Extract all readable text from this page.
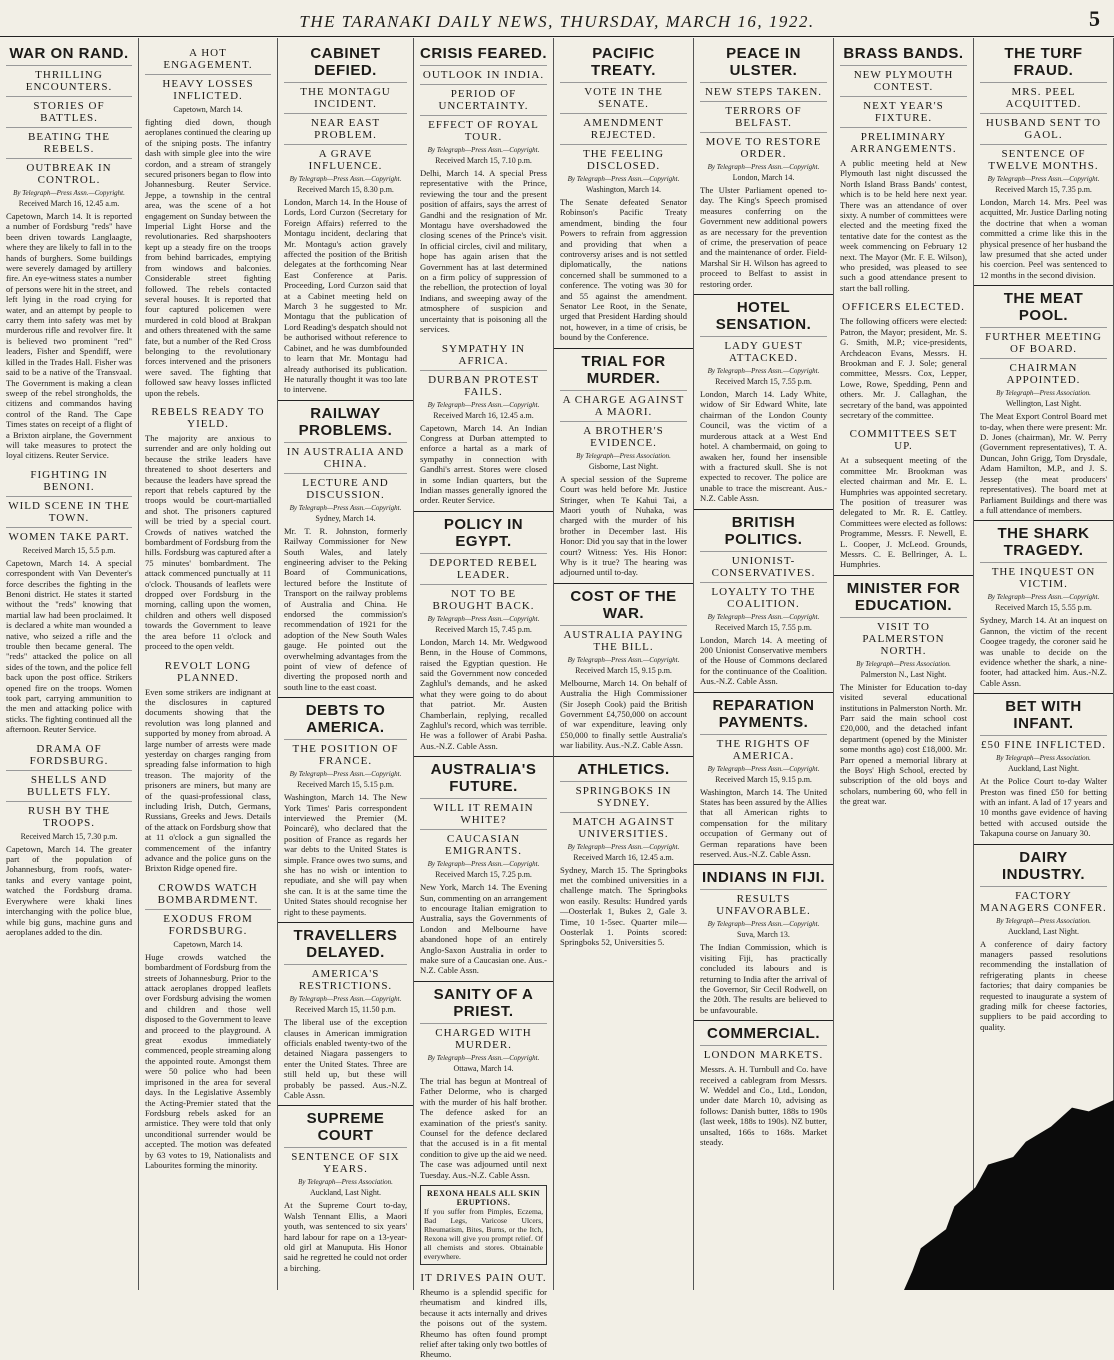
THE TARANAKI DAILY NEWS, THURSDAY, MARCH 16, 1922.	5
WAR ON RAND.
THRILLING ENCOUNTERS.
STORIES OF BATTLES.
BEATING THE REBELS.
OUTBREAK IN CONTROL.
By Telegraph—Press Assn.—Copyright.
Received March 16, 12.45 a.m.

Capetown, March 14. It is reported a number of Fordsburg "reds" have been driven towards Langlaagte, where they are likely to fall in to the hands of burghers. Some buildings were severely damaged by artillery fire. An eye-witness states a number of persons were hit in the street, and left lying in the road crying for water, and an attempt by people to carry them into safety was met by murderous rifle and revolver fire. It is believed two prominent "red" leaders, Fisher and Spendiff, were killed in the Trades Hall. Fisher was said to be a native of the Transvaal. The Government is making a clean sweep of the rebel strongholds, the citizens and commandos having control of the Rand. The Cape Times states on receipt of a flight of a Brixton airplane, the Government will take measures to protect the loyal citizens. Reuter Service.

FIGHTING IN BENONI.
WILD SCENE IN THE TOWN.
WOMEN TAKE PART.
Received March 15, 5.5 p.m.

Capetown, March 14. A special correspondent with Van Deventer's force describes the fighting in the Benoni district. He states it started without the "reds" knowing that martial law had been proclaimed. It is declared a white man wounded a native, who seized a rifle and the trouble then became general. The "reds" attacked the police on all sides of the town, and the police fell back upon the post office. Strikers opened fire on the troops. Women took part, carrying ammunition to the men and attacking police with sticks. The fighting continued all the afternoon. Reuter Service.

DRAMA OF FORDSBURG.
SHELLS AND BULLETS FLY.
RUSH BY THE TROOPS.
Received March 15, 7.30 p.m.

Capetown, March 14. The greater part of the population of Johannesburg, from roofs, water-tanks and every vantage point, watched the Fordsburg drama. Everywhere were khaki lines interchanging with the police blue, while big guns, machine guns and aeroplanes added to the din.

A HOT ENGAGEMENT.
HEAVY LOSSES INFLICTED.
Capetown, March 14.

fighting died down, though aeroplanes continued the clearing up of the sniping posts. The infantry dash with simple glee into the wire cordon, and a stream of strangely secured prisoners began to flow into Johannesburg. Reuter Service. Jeppe, a township in the central area, was the scene of a hot engagement on Sunday between the Imperial Light Horse and the revolutionaries. Red sharpshooters kept up a steady fire on the troops from behind barricades, emptying from windows and balconies. Considerable street fighting followed. The rebels contacted several houses. It is reported that four captured policemen were murdered in cold blood at Brakpan and others threatened with the same fate, but a number of the Red Cross belonging to the revolutionary forces intervened and the prisoners were saved. The fighting that followed saw heavy losses inflicted upon the rebels.

REBELS READY TO YIELD.

The majority are anxious to surrender and are only holding out because the strike leaders have threatened to shoot deserters and because the leaders have spread the report that rebels captured by the troops would be court-martialled and shot. The prisoners captured will be tried by a special court. Crowds of natives watched the bombardment of Fordsburg from the hills. Fordsburg was captured after a 75 minutes' bombardment. The attack commenced punctually at 11 o'clock. Thousands of leaflets were dropped over Fordsburg in the morning, calling upon the women, children and others well disposed towards the Government to leave the area before 11 o'clock and proceed to the open veldt.

REVOLT LONG PLANNED.

Even some strikers are indignant at the disclosures in captured documents showing that the revolution was long planned and supported by money from abroad. A large number of arrests were made yesterday on charges ranging from spreading false information to high treason. The majority of the prisoners are miners, but many are of the quasi-professional class, including Irish, Dutch, Germans, Russians, Greeks and Jews. Details of the attack on Fordsburg show that at 11 o'clock a gun signalled the commencement of the infantry advance and the police guns on the Brixton Ridge opened fire.

CROWDS WATCH BOMBARDMENT.
EXODUS FROM FORDSBURG.
Capetown, March 14.

Huge crowds watched the bombardment of Fordsburg from the streets of Johannesburg. Prior to the attack aeroplanes dropped leaflets over Fordsburg advising the women and children and those well disposed to the Government to leave and proceed to the playground. A great exodus immediately commenced, people streaming along the appointed route. Amongst them were 50 police who had been imprisoned in the area for several days. In the Legislative Assembly the Acting-Premier stated that the Fordsburg rebels asked for an armistice. They were told that only unconditional surrender would be accepted. The motion was defeated by 63 votes to 19, Nationalists and Labourites forming the minority.

CABINET DEFIED.
THE MONTAGU INCIDENT.
NEAR EAST PROBLEM.
A GRAVE INFLUENCE.
By Telegraph—Press Assn.—Copyright.
Received March 15, 8.30 p.m.

London, March 14. In the House of Lords, Lord Curzon (Secretary for Foreign Affairs) referred to the Montagu incident, declaring that Mr. Montagu's action gravely affected the position of the British delegates at the forthcoming Near East Conference at Paris. Proceeding, Lord Curzon said that at a Cabinet meeting held on March 3 he suggested to Mr. Montagu that the publication of Lord Reading's despatch should not be authorised without reference to Cabinet, and he was dumbfounded to learn that Mr. Montagu had already authorised its publication. He naturally thought it was too late to intervene.

RAILWAY PROBLEMS.
IN AUSTRALIA AND CHINA.
LECTURE AND DISCUSSION.
By Telegraph—Press Assn.—Copyright.
Sydney, March 14.

Mr. T. R. Johnston, formerly Railway Commissioner for New South Wales, and lately engineering adviser to the Peking Board of Communications, lectured before the Institute of Transport on the railway problems of Australia and China. He endorsed the commission's recommendation of 1921 for the adoption of the New South Wales gauge. He pointed out the overwhelming advantages from the point of view of defence of diverting the proposed north and south line to the east coast.

DEBTS TO AMERICA.
THE POSITION OF FRANCE.
By Telegraph—Press Assn.—Copyright.
Received March 15, 5.15 p.m.

Washington, March 14. The New York Times' Paris correspondent interviewed the Premier (M. Poincaré), who declared that the position of France as regards her war debts to the United States is simple. France owes two sums, and she has no wish or intention to repudiate, and she will pay when she can. It is at the same time the United States should recognise her right to these payments.

TRAVELLERS DELAYED.
AMERICA'S RESTRICTIONS.
By Telegraph—Press Assn.—Copyright.
Received March 15, 11.50 p.m.

The liberal use of the exception clauses in American immigration officials enabled twenty-two of the detained Niagara passengers to enter the United States. Three are still held up, but these will probably be passed. Aus.-N.Z. Cable Assn.

SUPREME COURT
SENTENCE OF SIX YEARS.
By Telegraph—Press Association.
Auckland, Last Night.

At the Supreme Court to-day, Walsh Tennant Ellis, a Maori youth, was sentenced to six years' hard labour for rape on a 13-year-old girl at Manuputa. His Honor said he regretted he could not order a birching.

CRISIS FEARED.
OUTLOOK IN INDIA.
PERIOD OF UNCERTAINTY.
EFFECT OF ROYAL TOUR.
By Telegraph—Press Assn.—Copyright.
Received March 15, 7.10 p.m.

Delhi, March 14. A special Press representative with the Prince, reviewing the tour and the present position of affairs, says the arrest of Gandhi and the resignation of Mr. Montagu have overshadowed the closing scenes of the Prince's visit. In official circles, civil and military, hope has again arisen that the Government has at last determined on a firm policy of suppression of the rebellion, the protection of loyal Indians, and sweeping away of the atmosphere of suspicion and uncertainty that is poisoning all the services.

SYMPATHY IN AFRICA.
DURBAN PROTEST FAILS.
By Telegraph—Press Assn.—Copyright.
Received March 16, 12.45 a.m.

Capetown, March 14. An Indian Congress at Durban attempted to enforce a hartal as a mark of sympathy in connection with Gandhi's arrest. Stores were closed in some Indian quarters, but the Indian masses generally ignored the order. Reuter Service.

POLICY IN EGYPT.
DEPORTED REBEL LEADER.
NOT TO BE BROUGHT BACK.
By Telegraph—Press Assn.—Copyright.
Received March 15, 7.45 p.m.

London, March 14. Mr. Wedgwood Benn, in the House of Commons, raised the Egyptian question. He said the Government now conceded Zaghlul's demands, and he asked what they were going to do about that patriot. Mr. Austen Chamberlain, replying, recalled Zaghlul's record, which was terrible. He was a follower of Arabi Pasha. Aus.-N.Z. Cable Assn.

AUSTRALIA'S FUTURE.
WILL IT REMAIN WHITE?
CAUCASIAN EMIGRANTS.
By Telegraph—Press Assn.—Copyright.
Received March 15, 7.25 p.m.

New York, March 14. The Evening Sun, commenting on an arrangement to encourage Italian emigration to Australia, says the Governments of London and Melbourne have abandoned hope of an entirely Anglo-Saxon Australia in order to make sure of a Caucasian one. Aus.-N.Z. Cable Assn.

SANITY OF A PRIEST.
CHARGED WITH MURDER.
By Telegraph—Press Assn.—Copyright.
Ottawa, March 14.

The trial has begun at Montreal of Father Delorme, who is charged with the murder of his half brother. The defence asked for an examination of the priest's sanity. Counsel for the defence declared that the accused is in a fit mental condition to give up the aid we need. The case was adjourned until next Tuesday. Aus.-N.Z. Cable Assn.

REXONA HEALS ALL SKIN ERUPTIONS.
If you suffer from Pimples, Eczema, Bad Legs, Varicose Ulcers, Rheumatism, Bites, Burns, or the Itch, Rexona will give you prompt relief. Of all chemists and stores. Obtainable everywhere.
IT DRIVES PAIN OUT.

Rheumo is a splendid specific for rheumatism and kindred ills, because it acts internally and drives the poisons out of the system. Rheumo has often found prompt relief after taking only two bottles of Rheumo.

PACIFIC TREATY.
VOTE IN THE SENATE.
AMENDMENT REJECTED.
THE FEELING DISCLOSED.
By Telegraph—Press Assn.—Copyright.
Washington, March 14.

The Senate defeated Senator Robinson's Pacific Treaty amendment, binding the four Powers to refrain from aggression and providing that when a controversy arises and is not settled diplomatically, the nations concerned shall be summoned to a conference. The voting was 30 for and 55 against the amendment. Senator Lee Root, in the Senate, urged that President Harding should not, however, in a time of crisis, be bound by the Conference.

TRIAL FOR MURDER.
A CHARGE AGAINST A MAORI.
A BROTHER'S EVIDENCE.
By Telegraph—Press Association.
Gisborne, Last Night.

A special session of the Supreme Court was held before Mr. Justice Stringer, when Te Kahui Tai, a Maori youth of Nuhaka, was charged with the murder of his brother in December last. His Honor: Did you say that in the lower court? Witness: Yes. His Honor: Why is it true? The hearing was adjourned until to-day.

COST OF THE WAR.
AUSTRALIA PAYING THE BILL.
By Telegraph—Press Assn.—Copyright.
Received March 15, 9.15 p.m.

Melbourne, March 14. On behalf of Australia the High Commissioner (Sir Joseph Cook) paid the British Government £4,750,000 on account of war expenditure, leaving only £50,000 to finally settle Australia's war liability. Aus.-N.Z. Cable Assn.

ATHLETICS.
SPRINGBOKS IN SYDNEY.
MATCH AGAINST UNIVERSITIES.
By Telegraph—Press Assn.—Copyright.
Received March 16, 12.45 a.m.

Sydney, March 15. The Springboks met the combined universities in a challenge match. The Springboks won easily. Results: Hundred yards—Oosterlak 1, Bukes 2, Gale 3. Time, 10 1-5sec. Quarter mile—Oosterlak 1. Points scored: Springboks 52, Universities 5.

PEACE IN ULSTER.
NEW STEPS TAKEN.
TERRORS OF BELFAST.
MOVE TO RESTORE ORDER.
By Telegraph—Press Assn.—Copyright.
London, March 14.

The Ulster Parliament opened to-day. The King's Speech promised measures conferring on the Government new additional powers as are necessary for the prevention of crime, the preservation of peace and the maintenance of order. Field-Marshal Sir H. Wilson has agreed to proceed to Belfast to assist in restoring order.

HOTEL SENSATION.
LADY GUEST ATTACKED.
By Telegraph—Press Assn.—Copyright.
Received March 15, 7.55 p.m.

London, March 14. Lady White, widow of Sir Edward White, late chairman of the London County Council, was the victim of a murderous attack at a West End hotel. A chambermaid, on going to awaken her, found her insensible with a fractured skull. She is not expected to recover. The police are unable to trace the miscreant. Aus.-N.Z. Cable Assn.

BRITISH POLITICS.
UNIONIST-CONSERVATIVES.
LOYALTY TO THE COALITION.
By Telegraph—Press Assn.—Copyright.
Received March 15, 7.55 p.m.

London, March 14. A meeting of 200 Unionist Conservative members of the House of Commons declared for the continuance of the Coalition. Aus.-N.Z. Cable Assn.

REPARATION PAYMENTS.
THE RIGHTS OF AMERICA.
By Telegraph—Press Assn.—Copyright.
Received March 15, 9.15 p.m.

Washington, March 14. The United States has been assured by the Allies that all American rights to compensation for the military occupation of Germany out of German reparations have been reserved. Aus.-N.Z. Cable Assn.

INDIANS IN FIJI.
RESULTS UNFAVORABLE.
By Telegraph—Press Assn.—Copyright.
Suva, March 13.

The Indian Commission, which is visiting Fiji, has practically concluded its labours and is returning to India after the arrival of the Governor, Sir Cecil Rodwell, on the 20th. The results are believed to be unfavourable.

COMMERCIAL.
LONDON MARKETS.

Messrs. A. H. Turnbull and Co. have received a cablegram from Messrs. W. Weddel and Co., Ltd., London, under date March 10, advising as follows: Danish butter, 188s to 190s (last week, 188s to 190s). NZ butter, unsalted, 166s to 168s. Market steady.

BRASS BANDS.
NEW PLYMOUTH CONTEST.
NEXT YEAR'S FIXTURE.
PRELIMINARY ARRANGEMENTS.

A public meeting held at New Plymouth last night discussed the North Island Brass Bands' contest, which is to be held here next year. There was an attendance of over sixty. A number of committees were elected and the meeting fixed the tentative date for the contest as the week commencing on February 12 next. The Mayor (Mr. F. E. Wilson), who presided, was pleased to see such a good attendance present to start the ball rolling.

OFFICERS ELECTED.

The following officers were elected: Patron, the Mayor; president, Mr. S. G. Smith, M.P.; vice-presidents, Archdeacon Evans, Messrs. H. Brookman and F. J. Sole; general committee, Messrs. Cox, Lepper, Lowe, Rowe, Spedding, Penn and others. Mr. J. Callaghan, the secretary of the band, was appointed secretary of the committee.

COMMITTEES SET UP.

At a subsequent meeting of the committee Mr. Brookman was elected chairman and Mr. E. L. Humphries was appointed secretary. The position of treasurer was delegated to Mr. R. E. Cattley. Committees were elected as follows: Programme, Messrs. F. Newell, E. L. Cooper, J. McLeod. Grounds, Messrs. C. E. Bellringer, A. L. Humphries.

MINISTER FOR EDUCATION.
VISIT TO PALMERSTON NORTH.
By Telegraph—Press Association.
Palmerston N., Last Night.

The Minister for Education to-day visited several educational institutions in Palmerston North. Mr. Parr said the main school cost £20,000, and the detached infant department (opened by the Minister some months ago) cost £18,000. Mr. Parr opened a memorial library at the Boys' High School, erected by subscription of the old boys and scholars, numbering 60, who fell in the great war.

THE TURF FRAUD.
MRS. PEEL ACQUITTED.
HUSBAND SENT TO GAOL.
SENTENCE OF TWELVE MONTHS.
By Telegraph—Press Assn.—Copyright.
Received March 15, 7.35 p.m.

London, March 14. Mrs. Peel was acquitted, Mr. Justice Darling noting the doctrine that when a woman committed a crime like this in the physical presence of her husband the law presumed that she acted under his coercion. Peel was sentenced to 12 months in the second division.

THE MEAT POOL.
FURTHER MEETING OF BOARD.
CHAIRMAN APPOINTED.
By Telegraph—Press Association.
Wellington, Last Night.

The Meat Export Control Board met to-day, when there were present: Mr. D. Jones (chairman), Mr. W. Perry (Government representatives), T. A. Duncan, John Grigg, Tom Drysdale, Adam Hamilton, M.P., and J. S. Jessep (the meat producers' representatives). The board met at Parliament Buildings and there was a full attendance of members.

THE SHARK TRAGEDY.
THE INQUEST ON VICTIM.
By Telegraph—Press Assn.—Copyright.
Received March 15, 5.55 p.m.

Sydney, March 14. At an inquest on Gannon, the victim of the recent Coogee tragedy, the coroner said he was unable to decide on the evidence whether the shark, a nine-footer, had attacked him. Aus.-N.Z. Cable Assn.

BET WITH INFANT.
£50 FINE INFLICTED.
By Telegraph—Press Association.
Auckland, Last Night.

At the Police Court to-day Walter Preston was fined £50 for betting with an infant. A lad of 17 years and 10 months gave evidence of having betted with accused outside the Takapuna course on January 30.

DAIRY INDUSTRY.
FACTORY MANAGERS CONFER.
By Telegraph—Press Association.
Auckland, Last Night.

A conference of dairy factory managers passed resolutions recommending the installation of refrigerating plants in cheese factories; that dairy companies be requested to inaugurate a system of grading milk for cheese factories, suppliers to be paid according to quality.
